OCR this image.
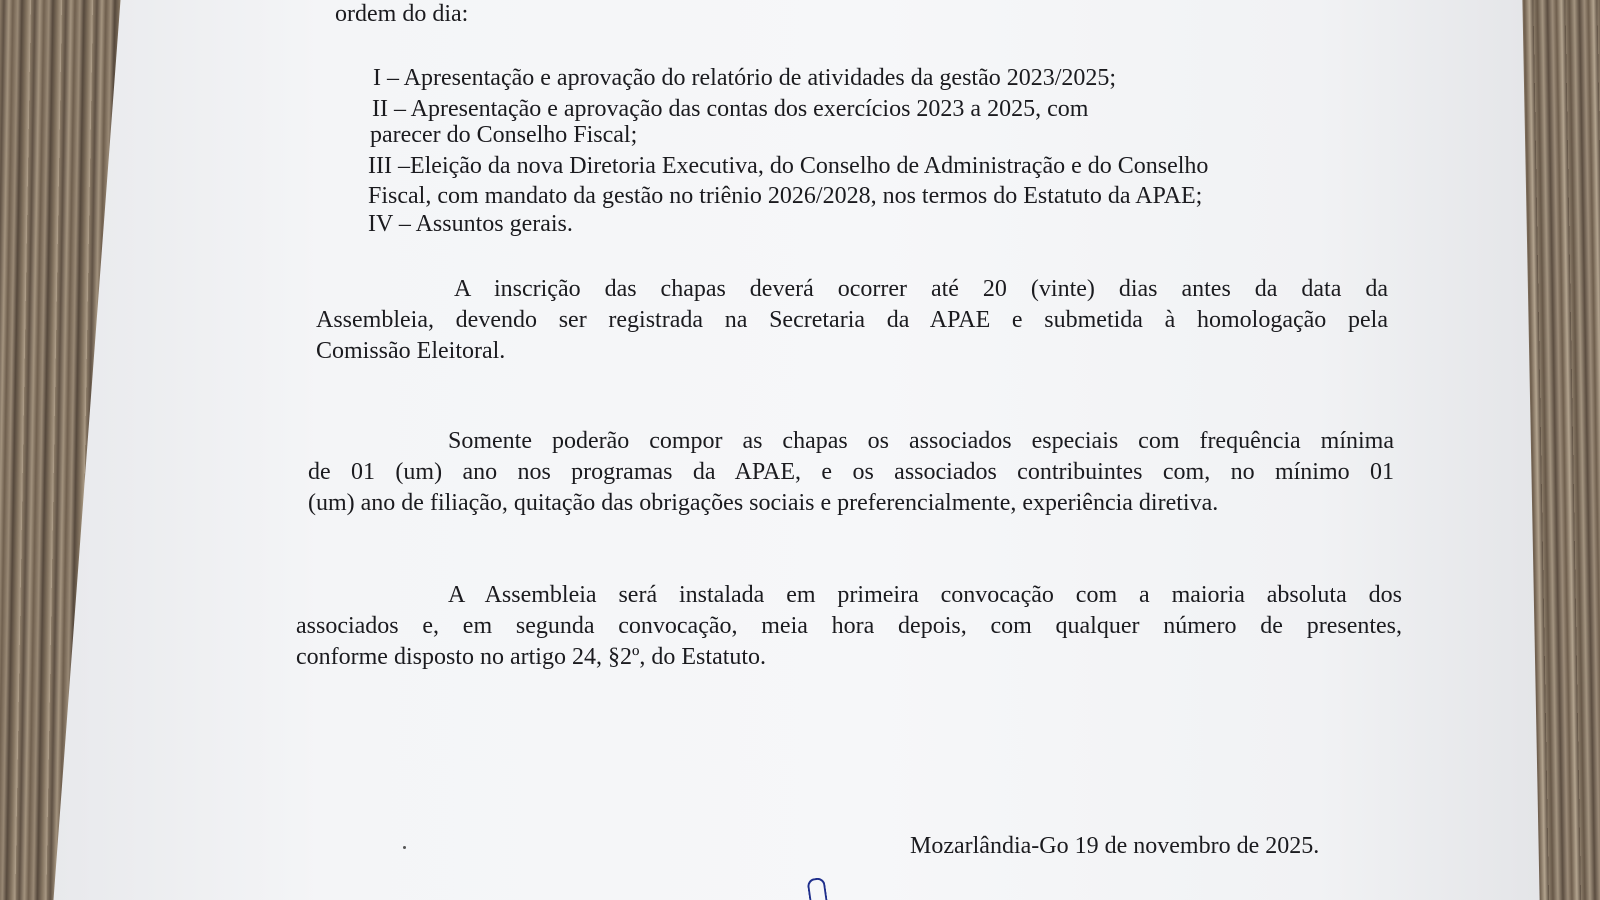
ordem do dia:

I – Apresentação e aprovação do relatório de atividades da gestão 2023/2025;

II – Apresentação e aprovação das contas dos exercícios 2023 a 2025, com

parecer do Conselho Fiscal;

III –Eleição da nova Diretoria Executiva, do Conselho de Administração e do Conselho

Fiscal, com mandato da gestão no triênio 2026/2028, nos termos do Estatuto da APAE;

IV – Assuntos gerais.

A inscrição das chapas deverá ocorrer até 20 (vinte) dias antes da data da
Assembleia, devendo ser registrada na Secretaria da APAE e submetida à homologação pela
Comissão Eleitoral.
Somente poderão compor as chapas os associados especiais com frequência mínima
de 01 (um) ano nos programas da APAE, e os associados contribuintes com, no mínimo 01
(um) ano de filiação, quitação das obrigações sociais e preferencialmente, experiência diretiva.
A Assembleia será instalada em primeira convocação com a maioria absoluta dos
associados e, em segunda convocação, meia hora depois, com qualquer número de presentes,
conforme disposto no artigo 24, §2º, do Estatuto.

Mozarlândia-Go 19 de novembro de 2025.
